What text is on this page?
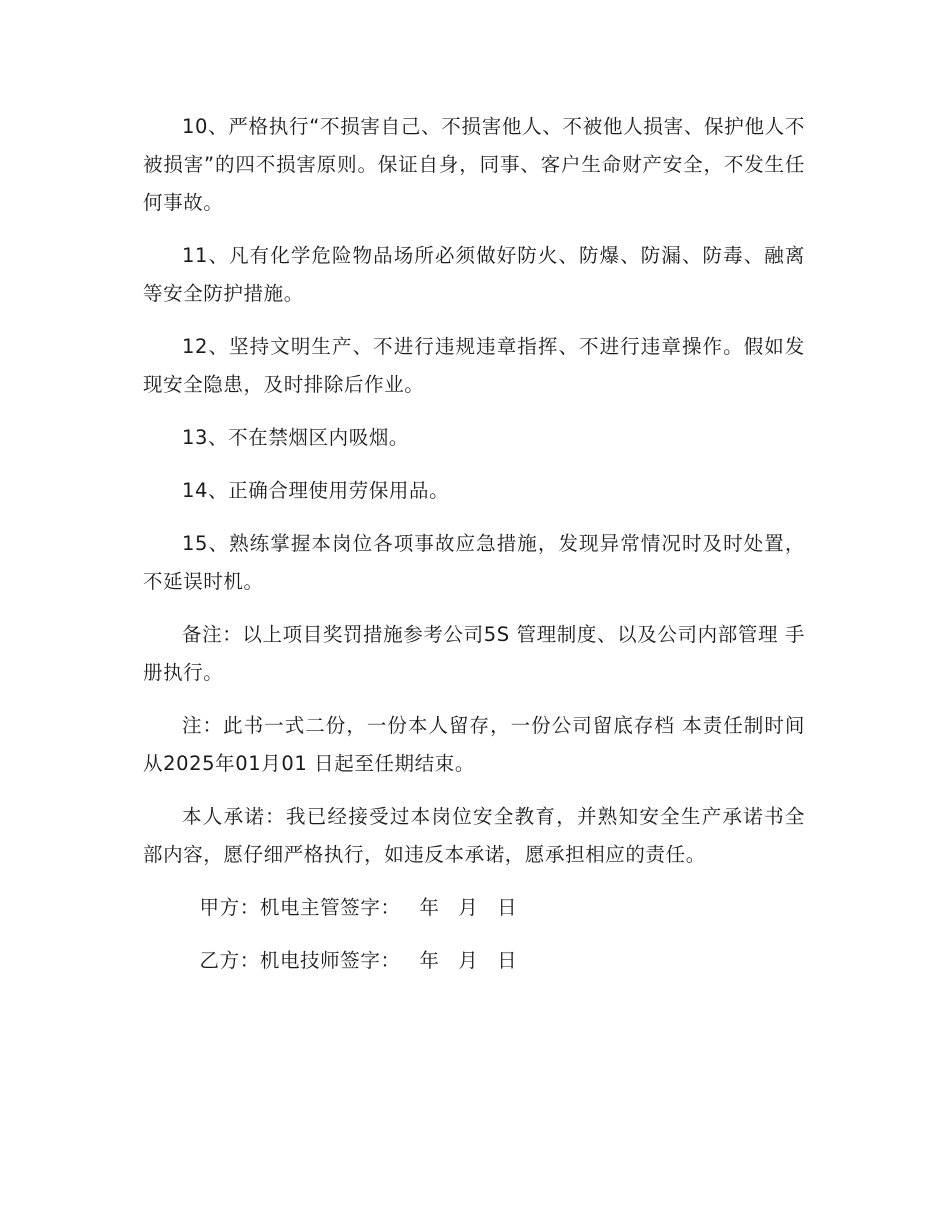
10、严格执行“不损害自己、不损害他人、不被他人损害、保护他人不被损害”的四不损害原则。保证自身，同事、客户生命财产安全，不发生任何事故。

11、凡有化学危险物品场所必须做好防火、防爆、防漏、防毒、融离 等安全防护措施。

12、坚持文明生产、不进行违规违章指挥、不进行违章操作。假如发现安全隐患，及时排除后作业。

13、不在禁烟区内吸烟。

14、正确合理使用劳保用品。

15、熟练掌握本岗位各项事故应急措施，发现异常情况时及时处置，不延误时机。

备注：以上项目奖罚措施参考公司5S 管理制度、以及公司内部管理 手册执行。

注：此书一式二份，一份本人留存，一份公司留底存档 本责任制时间从2025年01月01 日起至任期结束。

本人承诺：我已经接受过本岗位安全教育，并熟知安全生产承诺书全 部内容，愿仔细严格执行，如违反本承诺，愿承担相应的责任。

甲方：机电主管签字： 年 月 日

乙方：机电技师签字： 年 月 日
